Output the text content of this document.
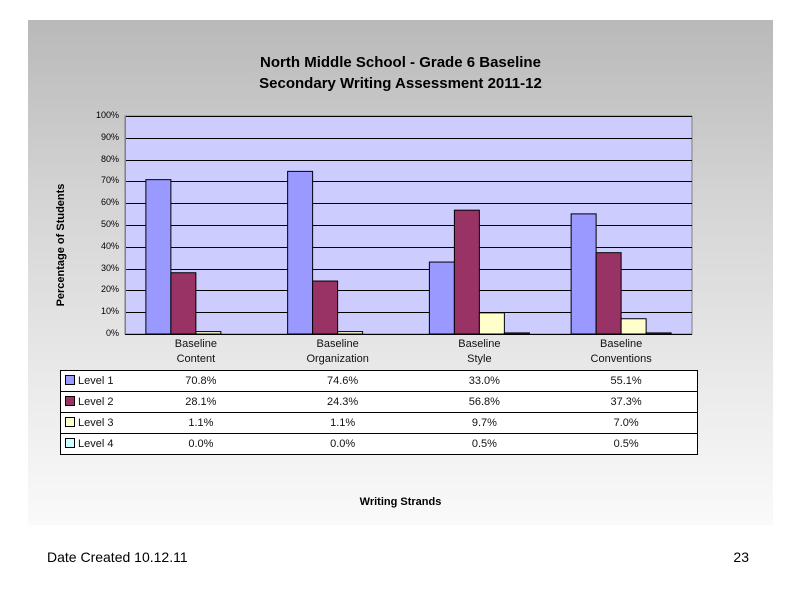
North Middle School - Grade 6 Baseline
Secondary Writing Assessment 2011-12
Percentage of Students
0%
10%
20%
30%
40%
50%
60%
70%
80%
90%
100%
Baseline
Content
Baseline
Organization
Baseline
Style
Baseline
Conventions
Level 1	70.8%	74.6%	33.0%	55.1%
Level 2	28.1%	24.3%	56.8%	37.3%
Level 3	1.1%	1.1%	9.7%	7.0%
Level 4	0.0%	0.0%	0.5%	0.5%
Writing Strands
Date Created 10.12.11	23
